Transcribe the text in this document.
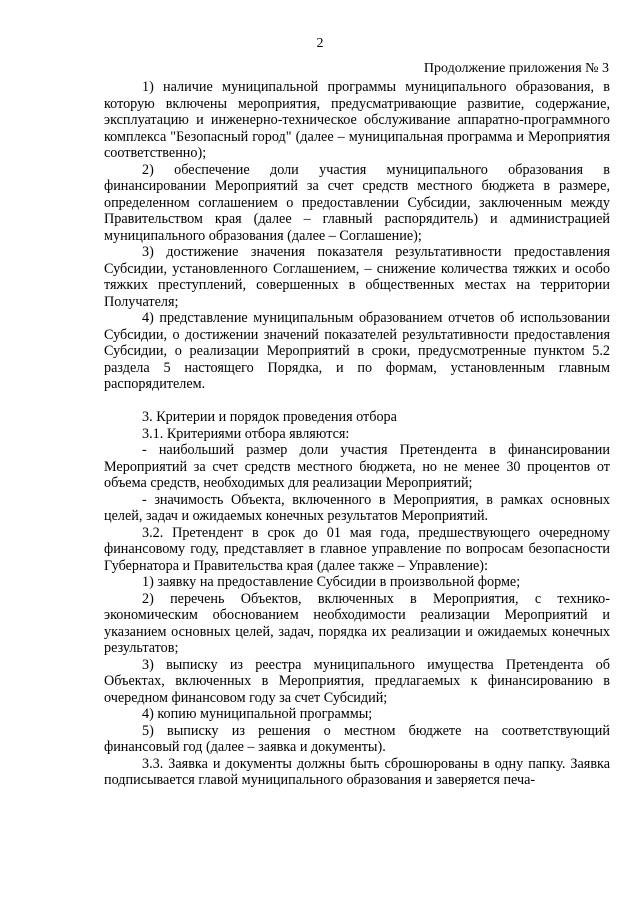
2
Продолжение приложения № 3

1) наличие муниципальной программы муниципального образования, в которую включены мероприятия, предусматривающие развитие, содержание, эксплуатацию и инженерно-техническое обслуживание аппаратно-программного комплекса "Безопасный город" (далее – муниципальная программа и Мероприятия соответственно);

2) обеспечение доли участия муниципального образования в финансировании Мероприятий за счет средств местного бюджета в размере, определенном соглашением о предоставлении Субсидии, заключенным между Правительством края (далее – главный распорядитель) и администрацией муниципального образования (далее – Соглашение);

3) достижение значения показателя результативности предоставления Субсидии, установленного Соглашением, – снижение количества тяжких и особо тяжких преступлений, совершенных в общественных местах на территории Получателя;

4) представление муниципальным образованием отчетов об использовании Субсидии, о достижении значений показателей результативности предоставления Субсидии, о реализации Мероприятий в сроки, предусмотренные пунктом 5.2 раздела 5 настоящего Порядка, и по формам, установленным главным распорядителем.

3. Критерии и порядок проведения отбора

3.1. Критериями отбора являются:

- наибольший размер доли участия Претендента в финансировании Мероприятий за счет средств местного бюджета, но не менее 30 процентов от объема средств, необходимых для реализации Мероприятий;

- значимость Объекта, включенного в Мероприятия, в рамках основных целей, задач и ожидаемых конечных результатов Мероприятий.

3.2. Претендент в срок до 01 мая года, предшествующего очередному финансовому году, представляет в главное управление по вопросам безопасности Губернатора и Правительства края (далее также – Управление):

1) заявку на предоставление Субсидии в произвольной форме;

2) перечень Объектов, включенных в Мероприятия, с технико-экономическим обоснованием необходимости реализации Мероприятий и указанием основных целей, задач, порядка их реализации и ожидаемых конечных результатов;

3) выписку из реестра муниципального имущества Претендента об Объектах, включенных в Мероприятия, предлагаемых к финансированию в очередном финансовом году за счет Субсидий;

4) копию муниципальной программы;

5) выписку из решения о местном бюджете на соответствующий финансовый год (далее – заявка и документы).

3.3. Заявка и документы должны быть сброшюрованы в одну папку. Заявка подписывается главой муниципального образования и заверяется печа-
